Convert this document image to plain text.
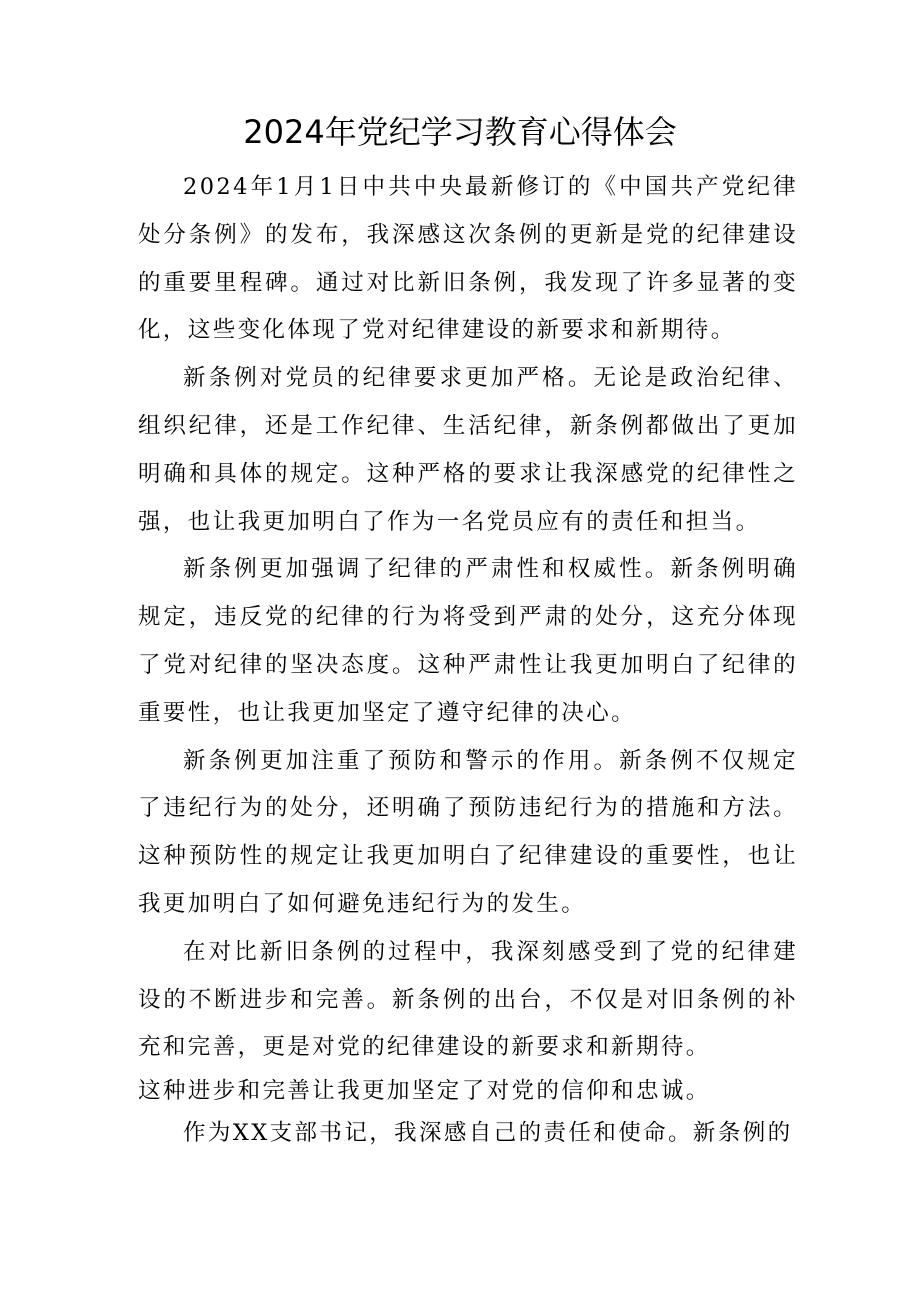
2024年党纪学习教育心得体会

2024年1月1日中共中央最新修订的《中国共产党纪律处分条例》的发布，我深感这次条例的更新是党的纪律建设的重要里程碑。通过对比新旧条例，我发现了许多显著的变化，这些变化体现了党对纪律建设的新要求和新期待。

新条例对党员的纪律要求更加严格。无论是政治纪律、组织纪律，还是工作纪律、生活纪律，新条例都做出了更加明确和具体的规定。这种严格的要求让我深感党的纪律性之强，也让我更加明白了作为一名党员应有的责任和担当。

新条例更加强调了纪律的严肃性和权威性。新条例明确规定，违反党的纪律的行为将受到严肃的处分，这充分体现了党对纪律的坚决态度。这种严肃性让我更加明白了纪律的重要性，也让我更加坚定了遵守纪律的决心。

新条例更加注重了预防和警示的作用。新条例不仅规定了违纪行为的处分，还明确了预防违纪行为的措施和方法。这种预防性的规定让我更加明白了纪律建设的重要性，也让我更加明白了如何避免违纪行为的发生。

在对比新旧条例的过程中，我深刻感受到了党的纪律建设的不断进步和完善。新条例的出台，不仅是对旧条例的补充和完善，更是对党的纪律建设的新要求和新期待。

这种进步和完善让我更加坚定了对党的信仰和忠诚。

作为XX支部书记，我深感自己的责任和使命。新条例的
